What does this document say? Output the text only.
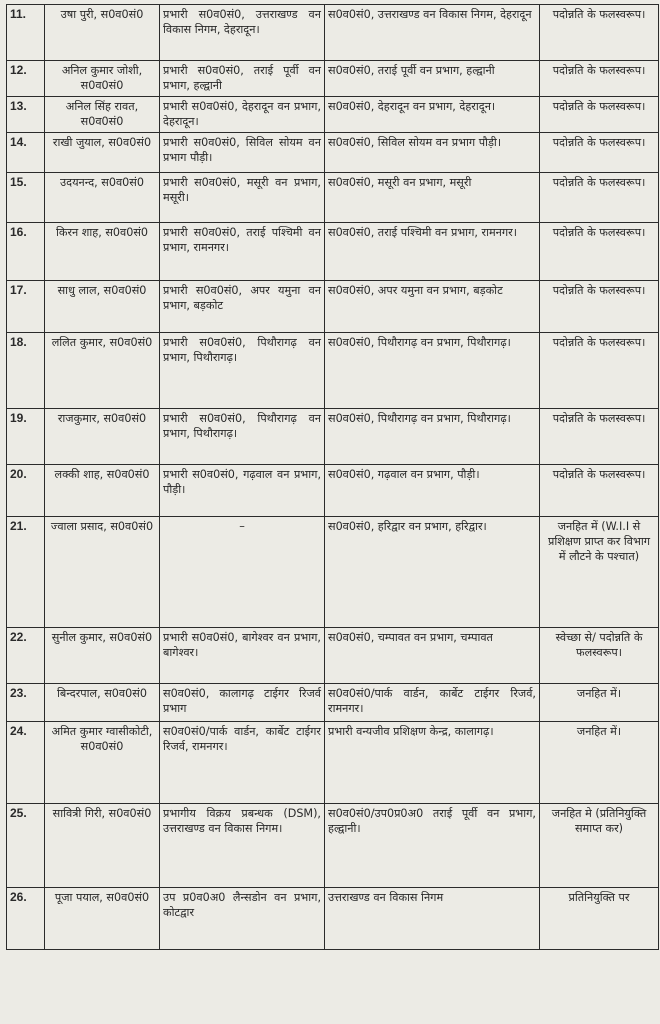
11.	उषा पुरी, स0व0सं0	प्रभारी स0व0सं0, उत्तराखण्ड वन विकास निगम, देहरादून।	स0व0सं0, उत्तराखण्ड वन विकास निगम, देहरादून	पदोन्नति के फलस्वरूप।
12.	अनिल कुमार जोशी, स0व0सं0	प्रभारी स0व0सं0, तराई पूर्वी वन प्रभाग, हल्द्वानी	स0व0सं0, तराई पूर्वी वन प्रभाग, हल्द्वानी	पदोन्नति के फलस्वरूप।
13.	अनिल सिंह रावत, स0व0सं0	प्रभारी स0व0सं0, देहरादून वन प्रभाग, देहरादून।	स0व0सं0, देहरादून वन प्रभाग, देहरादून।	पदोन्नति के फलस्वरूप।
14.	राखी जुयाल, स0व0सं0	प्रभारी स0व0सं0, सिविल सोयम वन प्रभाग पौड़ी।	स0व0सं0, सिविल सोयम वन प्रभाग पौड़ी।	पदोन्नति के फलस्वरूप।
15.	उदयनन्द, स0व0सं0	प्रभारी स0व0सं0, मसूरी वन प्रभाग, मसूरी।	स0व0सं0, मसूरी वन प्रभाग, मसूरी	पदोन्नति के फलस्वरूप।
16.	किरन शाह, स0व0सं0	प्रभारी स0व0सं0, तराई पश्चिमी वन प्रभाग, रामनगर।	स0व0सं0, तराई पश्चिमी वन प्रभाग, रामनगर।	पदोन्नति के फलस्वरूप।
17.	साधु लाल, स0व0सं0	प्रभारी स0व0सं0, अपर यमुना वन प्रभाग, बड़कोट	स0व0सं0, अपर यमुना वन प्रभाग, बड़कोट	पदोन्नति के फलस्वरूप।
18.	ललित कुमार, स0व0सं0	प्रभारी स0व0सं0, पिथौरागढ़ वन प्रभाग, पिथौरागढ़।	स0व0सं0, पिथौरागढ़ वन प्रभाग, पिथौरागढ़।	पदोन्नति के फलस्वरूप।
19.	राजकुमार, स0व0सं0	प्रभारी स0व0सं0, पिथौरागढ़ वन प्रभाग, पिथौरागढ़।	स0व0सं0, पिथौरागढ़ वन प्रभाग, पिथौरागढ़।	पदोन्नति के फलस्वरूप।
20.	लक्की शाह, स0व0सं0	प्रभारी स0व0सं0, गढ़वाल वन प्रभाग, पौड़ी।	स0व0सं0, गढ़वाल वन प्रभाग, पौड़ी।	पदोन्नति के फलस्वरूप।
21.	ज्वाला प्रसाद, स0व0सं0	–	स0व0सं0, हरिद्वार वन प्रभाग, हरिद्वार।	जनहित में (W.I.I से प्रशिक्षण प्राप्त कर विभाग में लौटने के पश्चात)
22.	सुनील कुमार, स0व0सं0	प्रभारी स0व0सं0, बागेश्वर वन प्रभाग, बागेश्वर।	स0व0सं0, चम्पावत वन प्रभाग, चम्पावत	स्वेच्छा से/ पदोन्नति के फलस्वरूप।
23.	बिन्दरपाल, स0व0सं0	स0व0सं0, कालागढ़ टाईगर रिजर्व प्रभाग	स0व0सं0/पार्क वार्डन, कार्बेट टाईगर रिजर्व, रामनगर।	जनहित में।
24.	अमित कुमार ग्वासीकोटी, स0व0सं0	स0व0सं0/पार्क वार्डन, कार्बेट टाईगर रिजर्व, रामनगर।	प्रभारी वन्यजीव प्रशिक्षण केन्द्र, कालागढ़।	जनहित में।
25.	सावित्री गिरी, स0व0सं0	प्रभागीय विक्रय प्रबन्धक (DSM), उत्तराखण्ड वन विकास निगम।	स0व0सं0/उप0प्र0अ0 तराई पूर्वी वन प्रभाग, हल्द्वानी।	जनहित मे (प्रतिनियुक्ति समाप्त कर)
26.	पूजा पयाल, स0व0सं0	उप प्र0व0अ0 लैन्सडोन वन प्रभाग, कोटद्वार	उत्तराखण्ड वन विकास निगम	प्रतिनियुक्ति पर
